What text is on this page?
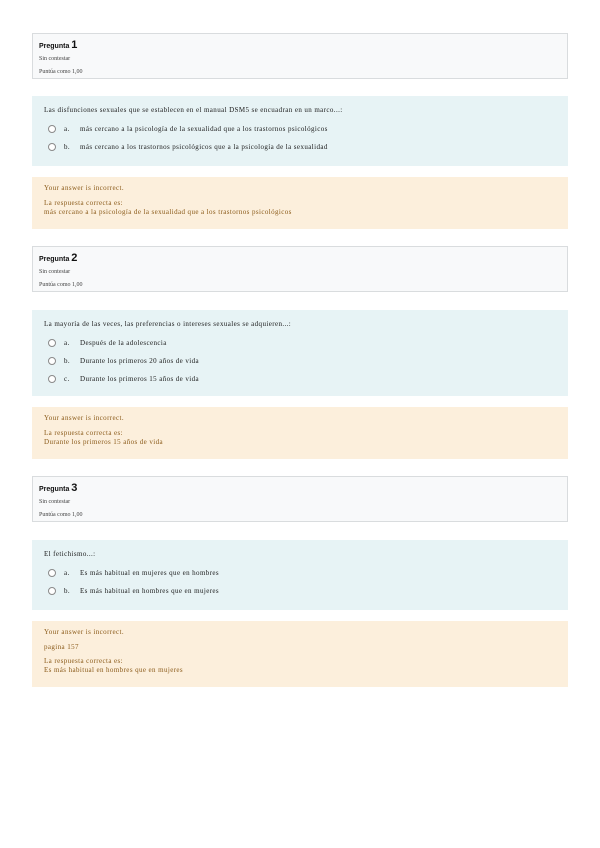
Pregunta 1
Sin contestar
Puntúa como 1,00
Las disfunciones sexuales que se establecen en el manual DSM5 se encuadran en un marco...:
a.	más cercano a la psicología de la sexualidad que a los trastornos psicológicos
b.	más cercano a los trastornos psicológicos que a la psicología de la sexualidad
Your answer is incorrect.
La respuesta correcta es:
más cercano a la psicología de la sexualidad que a los trastornos psicológicos
Pregunta 2
Sin contestar
Puntúa como 1,00
La mayoría de las veces, las preferencias o intereses sexuales se adquieren...:
a.	Después de la adolescencia
b.	Durante los primeros 20 años de vida
c.	Durante los primeros 15 años de vida
Your answer is incorrect.
La respuesta correcta es:
Durante los primeros 15 años de vida
Pregunta 3
Sin contestar
Puntúa como 1,00
El fetichismo...:
a.	Es más habitual en mujeres que en hombres
b.	Es más habitual en hombres que en mujeres
Your answer is incorrect.
pagina 157
La respuesta correcta es:
Es más habitual en hombres que en mujeres
